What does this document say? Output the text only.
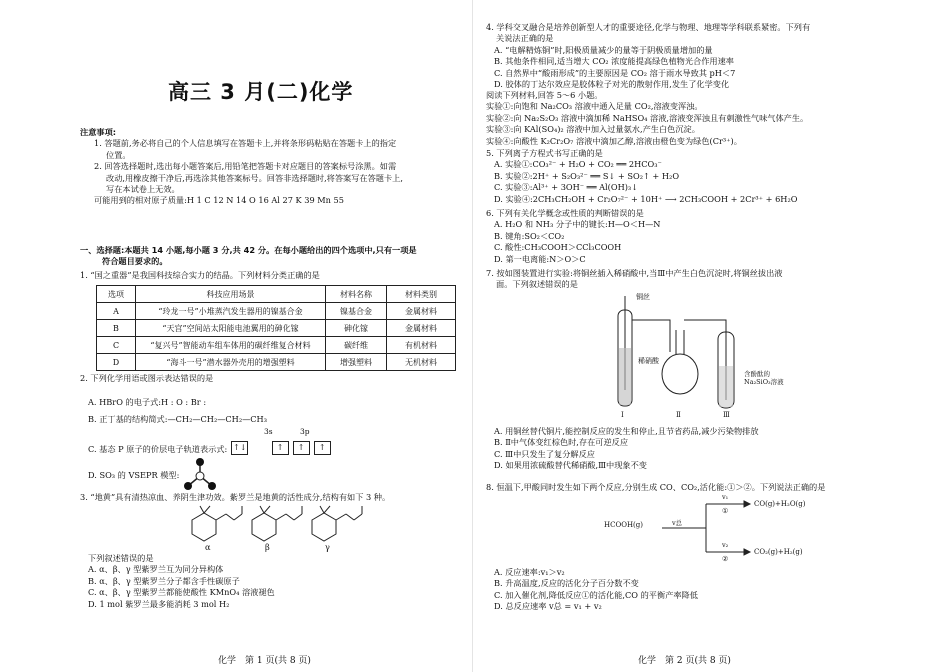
高三 3 月(二)化学
注意事项:
1. 答题前,务必将自己的个人信息填写在答题卡上,并将条形码粘贴在答题卡上的指定
位置。
2. 回答选择题时,选出每小题答案后,用铅笔把答题卡对应题目的答案标号涂黑。如需
改动,用橡皮擦干净后,再选涂其他答案标号。回答非选择题时,将答案写在答题卡上,
写在本试卷上无效。
可能用到的相对原子质量:H 1 C 12 N 14 O 16 Al 27 K 39 Mn 55
一、选择题:本题共 14 小题,每小题 3 分,共 42 分。在每小题给出的四个选项中,只有一项是
符合题目要求的。
1. “国之重器”是我国科技综合实力的结晶。下列材料分类正确的是
选项	科技应用场景	材料名称	材料类别
A	“玲龙一号”小堆蒸汽发生器用的镍基合金	镍基合金	金属材料
B	“天宫”空间站太阳能电池翼用的砷化镓	砷化镓	金属材料
C	“复兴号”智能动车组车体用的碳纤维复合材料	碳纤维	有机材料
D	“海斗一号”潜水器外壳用的增强塑料	增强塑料	无机材料
2. 下列化学用语或图示表达错误的是
A. HBrO 的电子式:H : O : Br :
B. 正丁基的结构简式:—CH₂—CH₂—CH₂—CH₃
3s	3p
C. 基态 P 原子的价层电子轨道表示式: ↑↓	↑ ↑ ↑
D. SO₃ 的 VSEPR 模型:
3. “地黄”具有清热凉血、养阴生津功效。紫罗兰是地黄的活性成分,结构有如下 3 种。
α	β	γ
下列叙述错误的是
A. α、β、γ 型紫罗兰互为同分异构体
B. α、β、γ 型紫罗兰分子都含手性碳原子
C. α、β、γ 型紫罗兰都能使酸性 KMnO₄ 溶液褪色
D. 1 mol 紫罗兰最多能消耗 3 mol H₂
化学　第 1 页(共 8 页)
4. 学科交叉融合是培养创新型人才的重要途径,化学与物理、地理等学科联系紧密。下列有
关说法正确的是
A. “电解精炼铜”时,阳极质量减少的量等于阴极质量增加的量
B. 其他条件相同,适当增大 CO₂ 浓度能提高绿色植物光合作用速率
C. 自然界中“酸雨形成”的主要原因是 CO₂ 溶于雨水导致其 pH＜7
D. 胶体的丁达尔效应是胶体粒子对光的散射作用,发生了化学变化
阅读下列材料,回答 5～6 小题。
实验①:向饱和 Na₂CO₃ 溶液中通入足量 CO₂,溶液变浑浊。
实验②:向 Na₂S₂O₃ 溶液中滴加稀 NaHSO₄ 溶液,溶液变浑浊且有刺激性气味气体产生。
实验③:向 KAl(SO₄)₂ 溶液中加入过量氨水,产生白色沉淀。
实验④:向酸性 K₂Cr₂O₇ 溶液中滴加乙醇,溶液由橙色变为绿色(Cr³⁺)。
5. 下列离子方程式书写正确的是
A. 实验①:CO₃²⁻ + H₂O + CO₂ ══ 2HCO₃⁻
B. 实验②:2H⁺ + S₂O₃²⁻ ══ S↓ + SO₂↑ + H₂O
C. 实验③:Al³⁺ + 3OH⁻ ══ Al(OH)₃↓
D. 实验④:2CH₃CH₂OH + Cr₂O₇²⁻ + 10H⁺ ⟶ 2CH₃COOH + 2Cr³⁺ + 6H₂O
6. 下列有关化学概念或性质的判断错误的是
A. H₂O 和 NH₃ 分子中的键长:H—O＜H—N
B. 键角:SO₂＜CO₂
C. 酸性:CH₃COOH＞CCl₃COOH
D. 第一电离能:N＞O＞C
7. 按如图装置进行实验:将铜丝插入稀硝酸中,当Ⅲ中产生白色沉淀时,将铜丝拔出液
面。下列叙述错误的是
铜丝
稀硝酸
含酚酞的
Na₂SiO₃溶液
Ⅰ	Ⅱ	Ⅲ
A. 用铜丝替代铜片,能控制反应的发生和停止,且节省药品,减少污染物排放
B. Ⅱ中气体变红棕色时,存在可逆反应
C. Ⅲ中只发生了复分解反应
D. 如果用浓硫酸替代稀硝酸,Ⅲ中现象不变
8. 恒温下,甲酸同时发生如下两个反应,分别生成 CO、CO₂,活化能:①＞②。下列说法正确的是
HCOOH(g)	v总
v₁
①
v₂
②
CO(g)+H₂O(g)
CO₂(g)+H₂(g)
A. 反应速率:v₁＞v₂
B. 升高温度,反应的活化分子百分数不变
C. 加入催化剂,降低反应①的活化能,CO 的平衡产率降低
D. 总反应速率 v总 = v₁ + v₂
化学　第 2 页(共 8 页)
